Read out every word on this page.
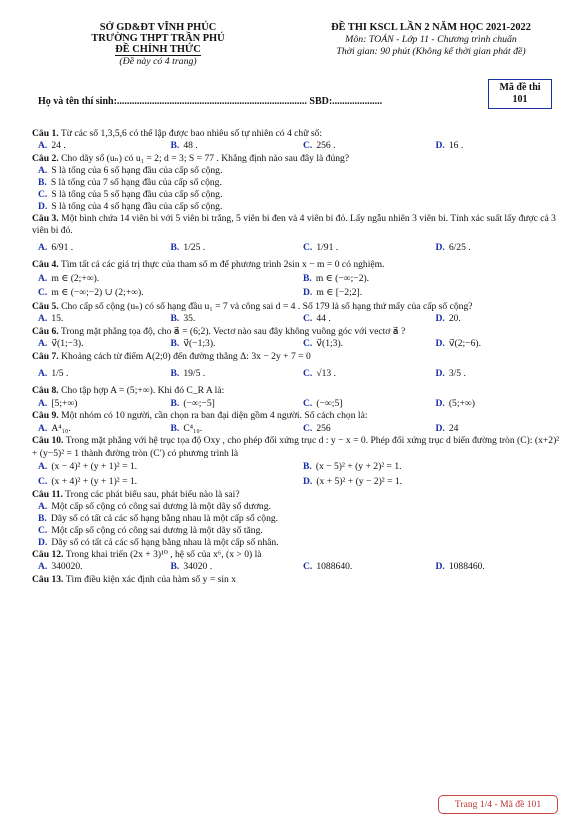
SỞ GD&ĐT VĨNH PHÚC
TRƯỜNG THPT TRẦN PHÚ
ĐỀ CHÍNH THỨC
(Đề này có 4 trang)
ĐỀ THI KSCL LẦN 2 NĂM HỌC 2021-2022
Môn: TOÁN - Lớp 11 - Chương trình chuẩn
Thời gian: 90 phút (Không kể thời gian phát đề)
Họ và tên thí sinh:............................................................................ SBD:....................
Mã đề thi
101
Câu 1. Từ các số 1,3,5,6 có thể lập được bao nhiêu số tự nhiên có 4 chữ số:
A. 24 .	B. 48 .	C. 256 .	D. 16 .
Câu 2. Cho dãy số (uₙ) có u₁ = 2; d = 3; S = 77 . Khẳng định nào sau đây là đúng?
A. S là tổng của 6 số hạng đầu của cấp số cộng.
B. S là tổng của 7 số hạng đầu của cấp số cộng.
C. S là tổng của 5 số hạng đầu của cấp số cộng.
D. S là tổng của 4 số hạng đầu của cấp số cộng.
Câu 3. Một bình chứa 14 viên bi với 5 viên bi trắng, 5 viên bi đen và 4 viên bi đỏ. Lấy ngẫu nhiên 3 viên bi. Tính xác suất lấy được cả 3 viên bi đỏ.
A. 6/91 .	B. 1/25 .	C. 1/91 .	D. 6/25 .
Câu 4. Tìm tất cả các giá trị thực của tham số m để phương trình 2sin x − m = 0 có nghiệm.
A. m ∈ (2;+∞).	B. m ∈ (−∞;−2).
C. m ∈ (−∞;−2) ∪ (2;+∞).	D. m ∈ [−2;2].
Câu 5. Cho cấp số cộng (uₙ) có số hạng đầu u₁ = 7 và công sai d = 4 . Số 179 là số hạng thứ mấy của cấp số cộng?
A. 15.	B. 35.	C. 44 .	D. 20.
Câu 6. Trong mặt phẳng tọa độ, cho a⃗ = (6;2). Vectơ nào sau đây không vuông góc với vectơ a⃗ ?
A. v⃗(1;−3).	B. v⃗(−1;3).	C. v⃗(1;3).	D. v⃗(2;−6).
Câu 7. Khoảng cách từ điểm A(2;0) đến đường thẳng Δ: 3x − 2y + 7 = 0
A. 1/5 .	B. 19/5 .	C. √13 .	D. 3/5 .
Câu 8. Cho tập hợp A = (5;+∞). Khi đó C_R A là:
A. [5;+∞)	B. (−∞;−5]	C. (−∞;5]	D. (5;+∞)
Câu 9. Một nhóm có 10 người, cần chọn ra ban đại diện gồm 4 người. Số cách chọn là:
A. A⁴₁₀.	B. C⁴₁₀.	C. 256	D. 24
Câu 10. Trong mặt phẳng với hệ trục tọa độ Oxy , cho phép đối xứng trục d : y − x = 0. Phép đối xứng trục d biến đường tròn (C): (x+2)² + (y−5)² = 1 thành đường tròn (C′) có phương trình là
A. (x − 4)² + (y + 1)² = 1.	B. (x − 5)² + (y + 2)² = 1.
C. (x + 4)² + (y + 1)² = 1.	D. (x + 5)² + (y − 2)² = 1.
Câu 11. Trong các phát biểu sau, phát biểu nào là sai?
A. Một cấp số cộng có công sai dương là một dãy số dương.
B. Dãy số có tất cả các số hạng bằng nhau là một cấp số cộng.
C. Một cấp số cộng có công sai dương là một dãy số tăng.
D. Dãy số có tất cả các số hạng bằng nhau là một cấp số nhân.
Câu 12. Trong khai triển (2x + 3)¹⁰ , hệ số của x⁶, (x > 0) là
A. 340020.	B. 34020 .	C. 1088640.	D. 1088460.
Câu 13. Tìm điều kiện xác định của hàm số y = sin x
Trang 1/4 - Mã đề 101
